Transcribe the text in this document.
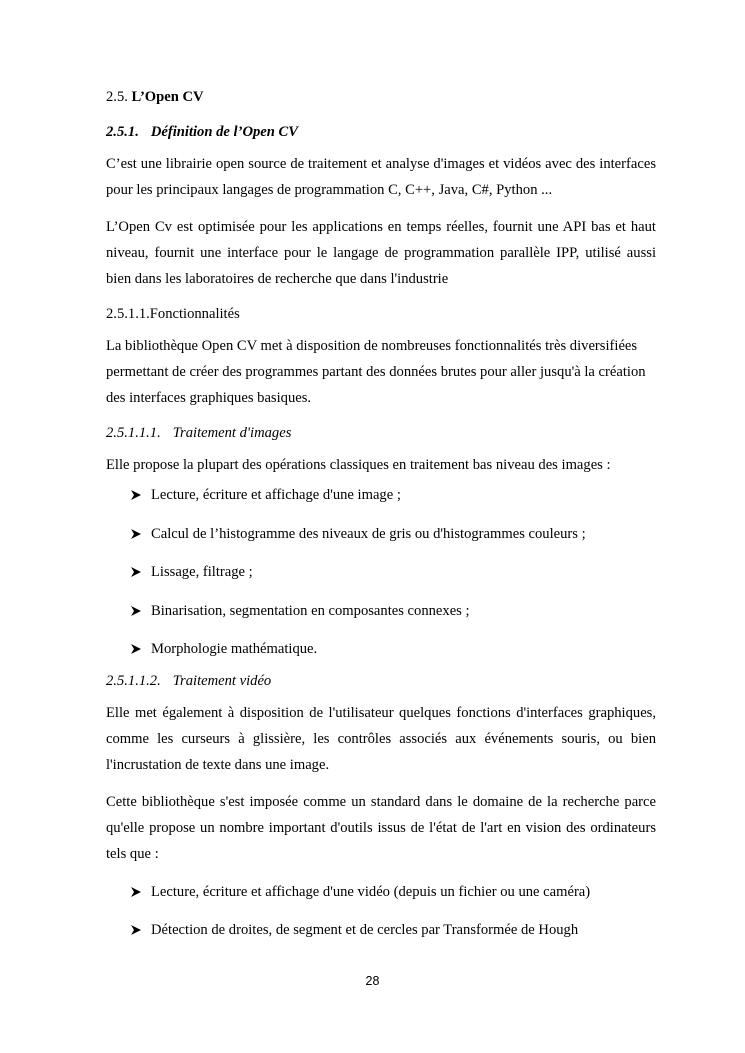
2.5. L’Open CV

2.5.1. Définition de l’Open CV

C’est une librairie open source de traitement et analyse d'images et vidéos avec des interfaces pour les principaux langages de programmation C, C++, Java, C#, Python ...

L’Open Cv est optimisée pour les applications en temps réelles, fournit une API bas et haut niveau, fournit une interface pour le langage de programmation parallèle IPP, utilisé aussi bien dans les laboratoires de recherche que dans l'industrie

2.5.1.1.Fonctionnalités

La bibliothèque Open CV met à disposition de nombreuses fonctionnalités très diversifiées permettant de créer des programmes partant des données brutes pour aller jusqu'à la création des interfaces graphiques basiques.

2.5.1.1.1. Traitement d'images

Elle propose la plupart des opérations classiques en traitement bas niveau des images :

Lecture, écriture et affichage d'une image ;
Calcul de l’histogramme des niveaux de gris ou d'histogrammes couleurs ;
Lissage, filtrage ;
Binarisation, segmentation en composantes connexes ;
Morphologie mathématique.

2.5.1.1.2. Traitement vidéo

Elle met également à disposition de l'utilisateur quelques fonctions d'interfaces graphiques, comme les curseurs à glissière, les contrôles associés aux événements souris, ou bien l'incrustation de texte dans une image.

Cette bibliothèque s'est imposée comme un standard dans le domaine de la recherche parce qu'elle propose un nombre important d'outils issus de l'état de l'art en vision des ordinateurs tels que :

Lecture, écriture et affichage d'une vidéo (depuis un fichier ou une caméra)
Détection de droites, de segment et de cercles par Transformée de Hough
28
